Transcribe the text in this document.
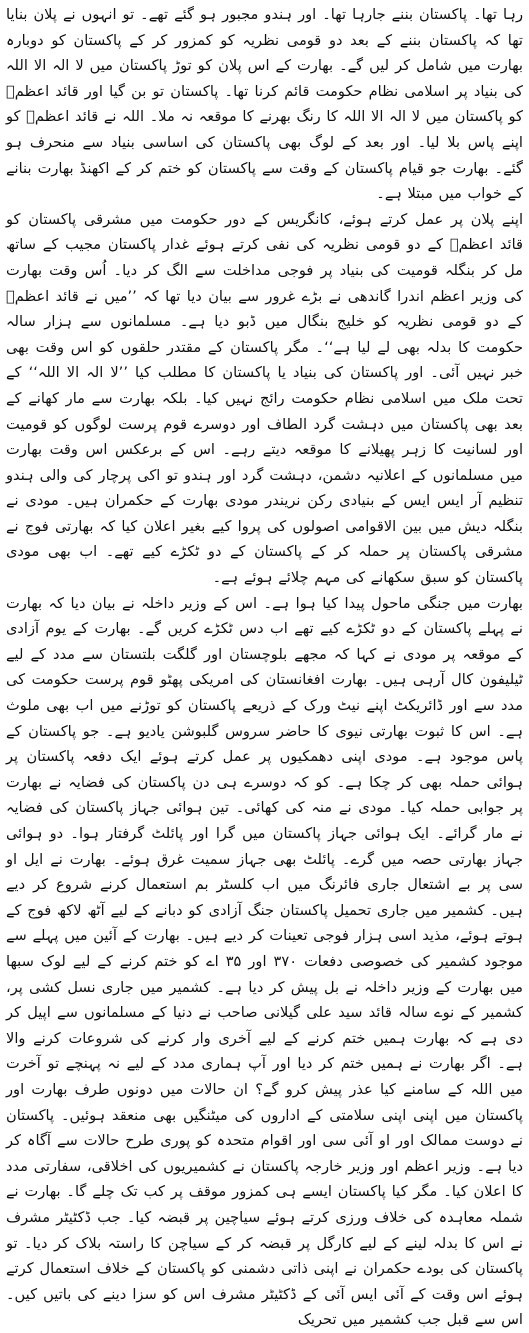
رہا تھا۔ پاکستان بننے جارہا تھا۔ اور ہندو مجبور ہو گئے تھے۔ تو انہوں نے پلان بنایا تھا کہ پاکستان بننے کے بعد دو قومی نظریہ کو کمزور کر کے پاکستان کو دوبارہ بھارت میں شامل کر لیں گے۔ بھارت کے اس پلان کو توڑ پاکستان میں لا الہ الا اللہ کی بنیاد پر اسلامی نظام حکومت قائم کرنا تھا۔ پاکستان تو بن گیا اور قائد اعظمؒ کو پاکستان میں لا الہ الا اللہ کا رنگ بھرنے کا موقعہ نہ ملا۔ اللہ نے قائد اعظمؒ کو اپنے پاس بلا لیا۔ اور بعد کے لوگ بھی پاکستان کی اساسی بنیاد سے منحرف ہو گئے۔ بھارت جو قیام پاکستان کے وقت سے پاکستان کو ختم کر کے اکھنڈ بھارت بنانے کے خواب میں مبتلا ہے۔

اپنے پلان پر عمل کرتے ہوئے، کانگریس کے دور حکومت میں مشرقی پاکستان کو قائد اعظمؒ کے دو قومی نظریہ کی نفی کرتے ہوئے غدار پاکستان مجیب کے ساتھ مل کر بنگلہ قومیت کی بنیاد پر فوجی مداخلت سے الگ کر دیا۔ اُس وقت بھارت کی وزیر اعظم اندرا گاندھی نے بڑے غرور سے بیان دیا تھا کہ ’’میں نے قائد اعظمؒ کے دو قومی نظریہ کو خلیج بنگال میں ڈبو دیا ہے۔ مسلمانوں سے ہزار سالہ حکومت کا بدلہ بھی لے لیا ہے‘‘۔ مگر پاکستان کے مقتدر حلقوں کو اس وقت بھی خبر نہیں آئی۔ اور پاکستان کی بنیاد یا پاکستان کا مطلب کیا ’’لا الہ الا اللہ‘‘ کے تحت ملک میں اسلامی نظام حکومت رائج نہیں کیا۔ بلکہ بھارت سے مار کھانے کے بعد بھی پاکستان میں دہشت گرد الطاف اور دوسرے قوم پرست لوگوں کو قومیت اور لسانیت کا زہر پھیلانے کا موقعہ دیتے رہے۔ اس کے برعکس اس وقت بھارت میں مسلمانوں کے اعلانیہ دشمن، دہشت گرد اور ہندو تو اکی پرچار کی والی ہندو تنظیم آر ایس ایس کے بنیادی رکن نریندر مودی بھارت کے حکمران ہیں۔ مودی نے بنگلہ دیش میں بین الاقوامی اصولوں کی پروا کیے بغیر اعلان کیا کہ بھارتی فوج نے مشرقی پاکستان پر حملہ کر کے پاکستان کے دو ٹکڑے کیے تھے۔ اب بھی مودی پاکستان کو سبق سکھانے کی مہم چلائے ہوئے ہے۔

بھارت میں جنگی ماحول پیدا کیا ہوا ہے۔ اس کے وزیر داخلہ نے بیان دیا کہ بھارت نے پہلے پاکستان کے دو ٹکڑے کیے تھے اب دس ٹکڑے کریں گے۔ بھارت کے یوم آزادی کے موقعہ پر مودی نے کہا کہ مجھے بلوچستان اور گلگت بلتستان سے مدد کے لیے ٹیلیفون کال آرہی ہیں۔ بھارت افغانستان کی امریکی پھٹو قوم پرست حکومت کی مدد سے اور ڈائریکٹ اپنے نیٹ ورک کے ذریعے پاکستان کو توڑنے میں اب بھی ملوث ہے۔ اس کا ثبوت بھارتی نیوی کا حاضر سروس گلبوشن یادیو ہے۔ جو پاکستان کے پاس موجود ہے۔ مودی اپنی دھمکیوں پر عمل کرتے ہوئے ایک دفعہ پاکستان پر ہوائی حملہ بھی کر چکا ہے۔ کو کہ دوسرے ہی دن پاکستان کی فضایہ نے بھارت پر جوابی حملہ کیا۔ مودی نے منہ کی کھائی۔ تین ہوائی جہاز پاکستان کی فضایہ نے مار گرائے۔ ایک ہوائی جہاز پاکستان میں گرا اور پائلٹ گرفتار ہوا۔ دو ہوائی جہاز بھارتی حصہ میں گرے۔ پائلٹ بھی جہاز سمیت غرق ہوئے۔ بھارت نے ایل او سی پر بے اشتعال جاری فائرنگ میں اب کلسٹر بم استعمال کرنے شروع کر دیے ہیں۔ کشمیر میں جاری تحمیل پاکستان جنگ آزادی کو دبانے کے لیے آٹھ لاکھ فوج کے ہوتے ہوئے، مذید اسی ہزار فوجی تعینات کر دیے ہیں۔ بھارت کے آئین میں پہلے سے موجود کشمیر کی خصوصی دفعات ۳۷۰ اور ۳۵ اے کو ختم کرنے کے لیے لوک سبھا میں بھارت کے وزیر داخلہ نے بل پیش کر دیا ہے۔ کشمیر میں جاری نسل کشی پر، کشمیر کے نوے سالہ قائد سید علی گیلانی صاحب نے دنیا کے مسلمانوں سے اپیل کر دی ہے کہ بھارت ہمیں ختم کرنے کے لیے آخری وار کرنے کی شروعات کرنے والا ہے۔ اگر بھارت نے ہمیں ختم کر دیا اور آپ ہماری مدد کے لیے نہ پہنچے تو آخرت میں اللہ کے سامنے کیا عذر پیش کرو گے؟ ان حالات میں دونوں طرف بھارت اور پاکستان میں اپنی اپنی سلامتی کے اداروں کی میٹنگیں بھی منعقد ہوئیں۔ پاکستان نے دوست ممالک اور او آئی سی اور اقوام متحدہ کو پوری طرح حالات سے آگاہ کر دیا ہے۔ وزیر اعظم اور وزیر خارجہ پاکستان نے کشمیریوں کی اخلاقی، سفارتی مدد کا اعلان کیا۔ مگر کیا پاکستان ایسے ہی کمزور موقف پر کب تک چلے گا۔ بھارت نے شملہ معاہدہ کی خلاف ورزی کرتے ہوئے سیاچین پر قبضہ کیا۔ جب ڈکٹیٹر مشرف نے اس کا بدلہ لینے کے لیے کارگل پر قبضہ کر کے سیاچن کا راستہ بلاک کر دیا۔ تو پاکستان کی بودے حکمران نے اپنی ذاتی دشمنی کو پاکستان کے خلاف استعمال کرتے ہوئے اس وقت کے آئی ایس آئی کے ڈکٹیٹر مشرف اس کو سزا دینے کی باتیں کیں۔ اس سے قبل جب کشمیر میں تحریک
